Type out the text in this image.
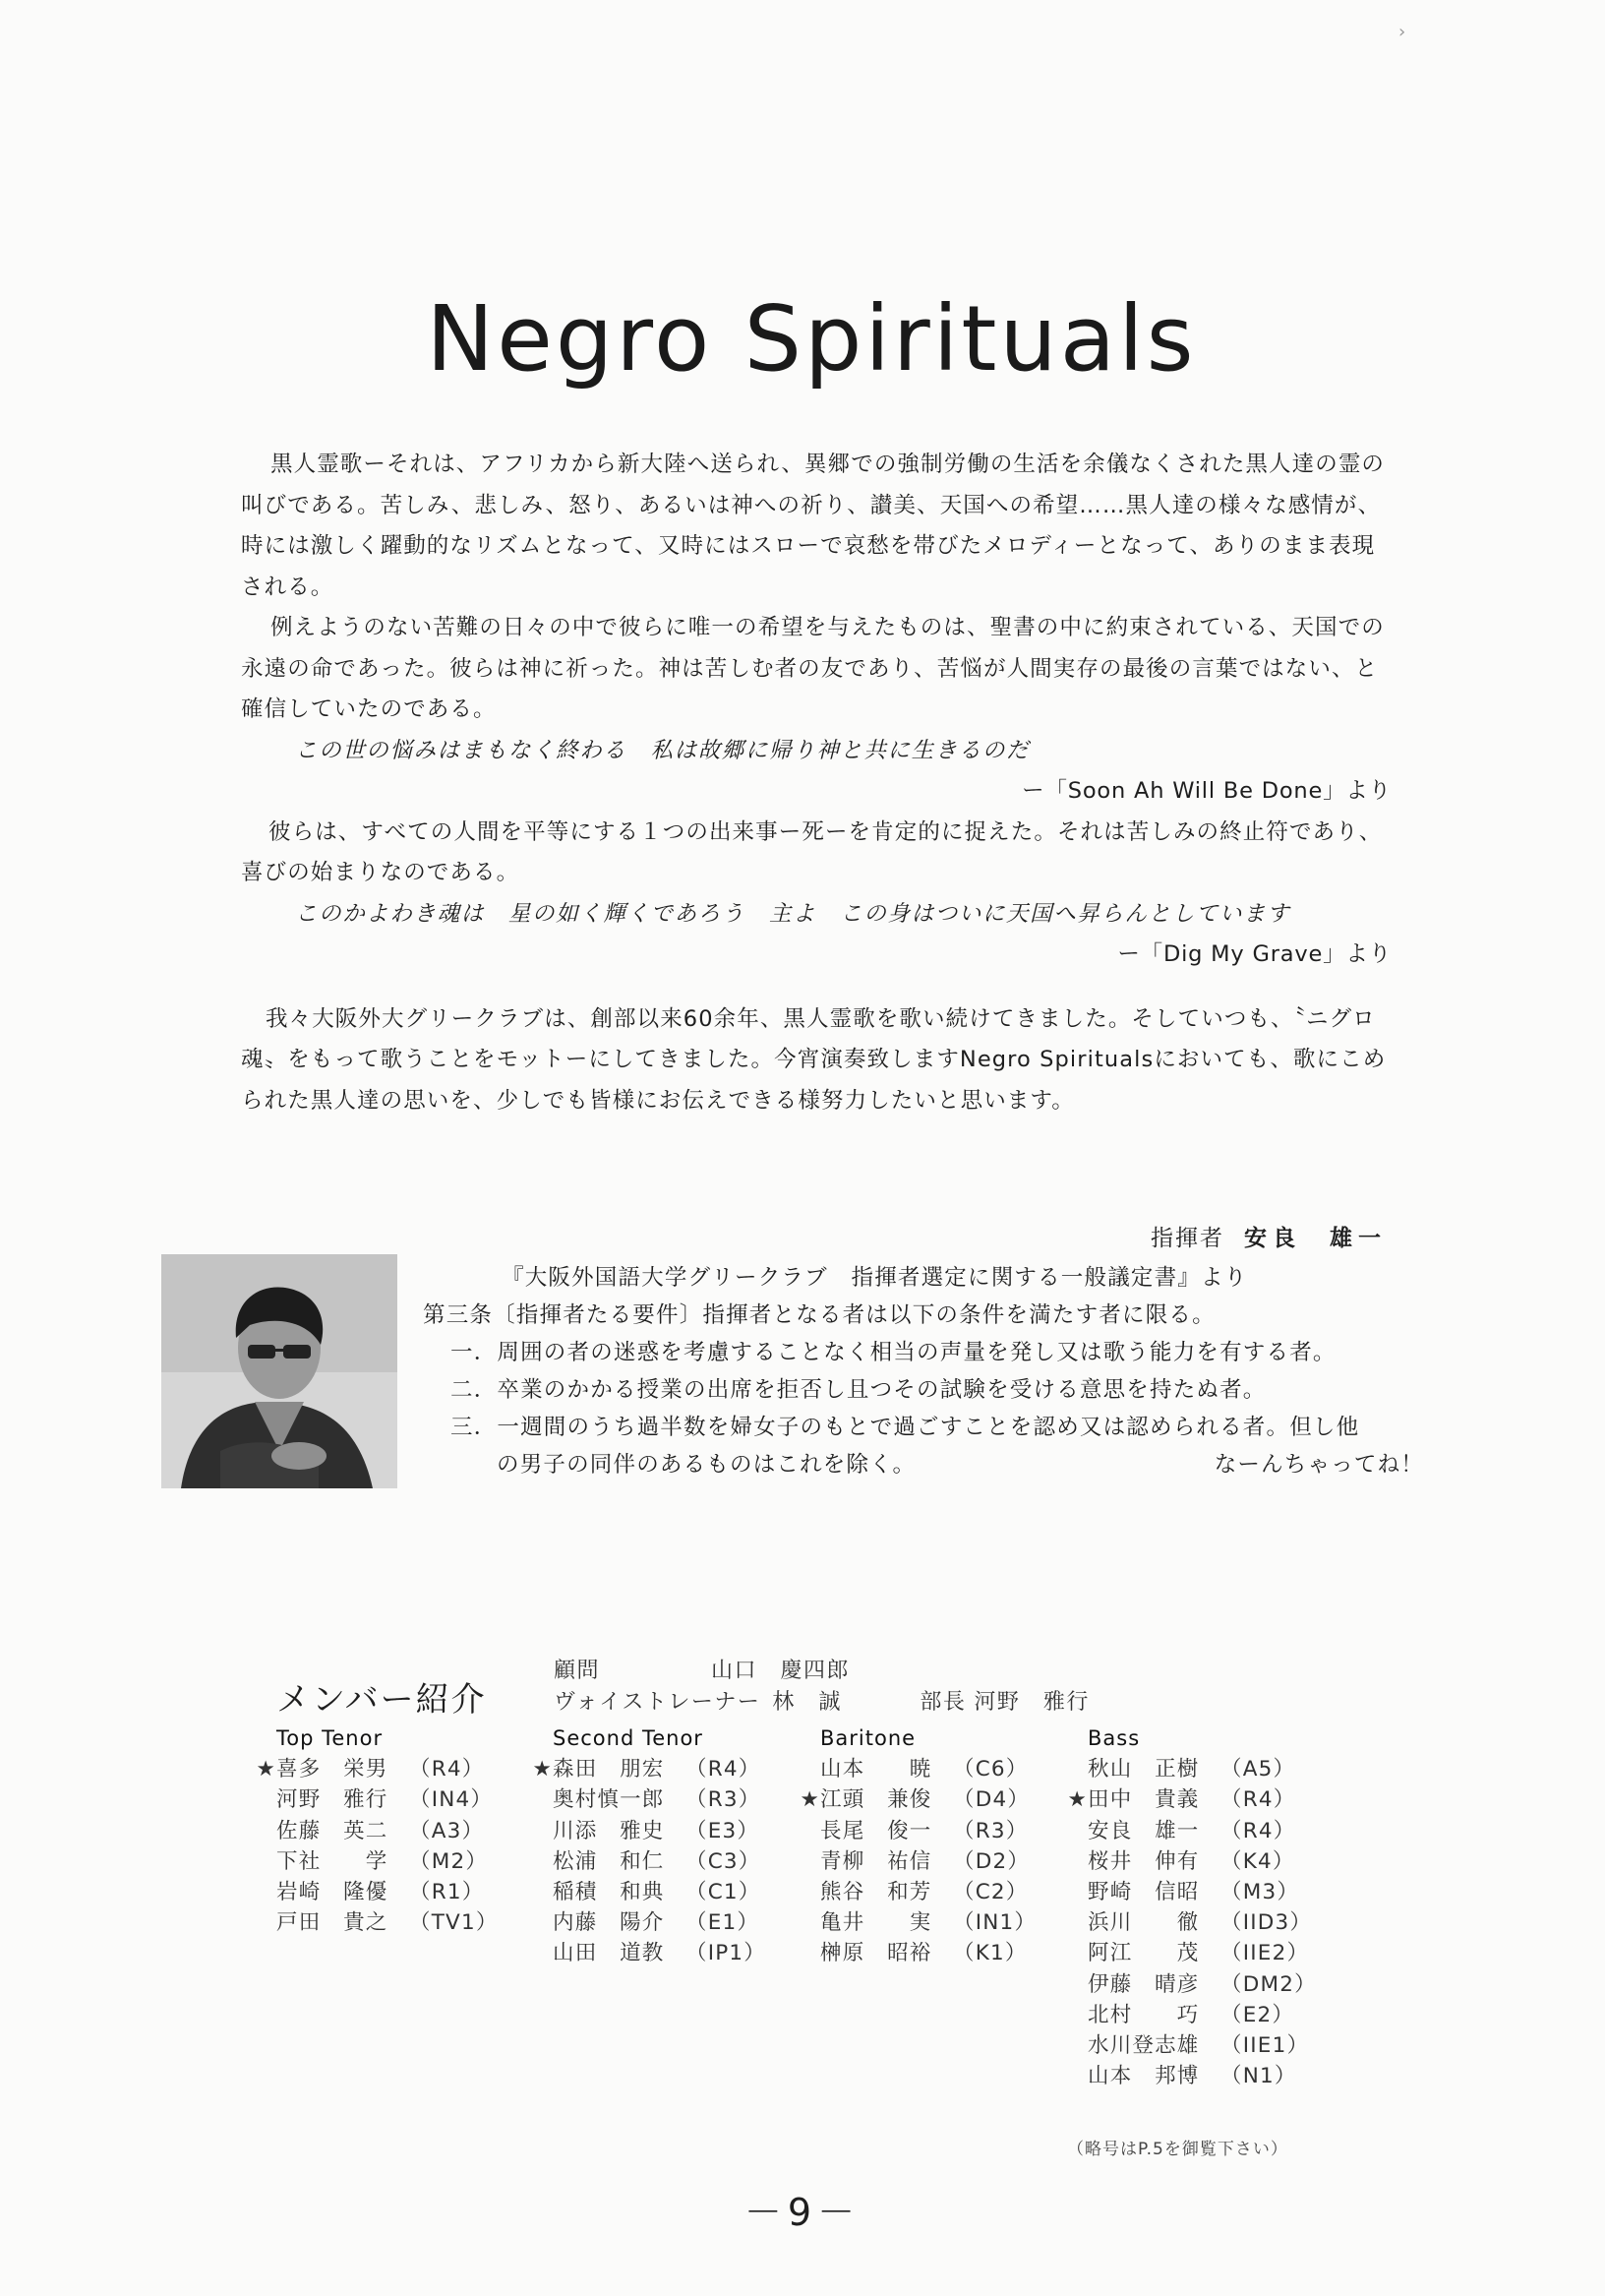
›
Negro Spirituals

黒人霊歌ーそれは、アフリカから新大陸へ送られ、異郷での強制労働の生活を余儀なくされた黒人達の霊の叫びである。苦しみ、悲しみ、怒り、あるいは神への祈り、讃美、天国への希望……黒人達の様々な感情が、時には激しく躍動的なリズムとなって、又時にはスローで哀愁を帯びたメロディーとなって、ありのまま表現される。

例えようのない苦難の日々の中で彼らに唯一の希望を与えたものは、聖書の中に約束されている、天国での永遠の命であった。彼らは神に祈った。神は苦しむ者の友であり、苦悩が人間実存の最後の言葉ではない、と確信していたのである。

この世の悩みはまもなく終わる　私は故郷に帰り神と共に生きるのだ

ー「Soon Ah Will Be Done」より

彼らは、すべての人間を平等にする１つの出来事ー死ーを肯定的に捉えた。それは苦しみの終止符であり、喜びの始まりなのである。

このかよわき魂は　星の如く輝くであろう　主よ　この身はついに天国へ昇らんとしています

ー「Dig My Grave」より

我々大阪外大グリークラブは、創部以来60余年、黒人霊歌を歌い続けてきました。そしていつも、〝ニグロ魂〟をもって歌うことをモットーにしてきました。今宵演奏致しますNegro Spiritualsにおいても、歌にこめられた黒人達の思いを、少しでも皆様にお伝えできる様努力したいと思います。

指揮者 安良　雄一

『大阪外国語大学グリークラブ　指揮者選定に関する一般議定書』より

第三条〔指揮者たる要件〕指揮者となる者は以下の条件を満たす者に限る。

一．周囲の者の迷惑を考慮することなく相当の声量を発し又は歌う能力を有する者。

二．卒業のかかる授業の出席を拒否し且つその試験を受ける意思を持たぬ者。

三．一週間のうち過半数を婦女子のもとで過ごすことを認め又は認められる者。但し他

の男子の同伴のあるものはこれを除く。	なーんちゃってね！

メンバー紹介
顧問	山口　慶四郎
ヴォイストレーナー 林　誠	部長 河野　雅行
Top Tenor
★喜多　栄男 （R4）
河野　雅行 （IN4）
佐藤　英二 （A3）
下社　　学 （M2）
岩崎　隆優 （R1）
戸田　貴之 （TV1）
Second Tenor
★森田　朋宏 （R4）
奥村慎一郎 （R3）
川添　雅史 （E3）
松浦　和仁 （C3）
稲積　和典 （C1）
内藤　陽介 （E1）
山田　道教 （IP1）
Baritone
山本　　暁 （C6）
★江頭　兼俊 （D4）
長尾　俊一 （R3）
青柳　祐信 （D2）
熊谷　和芳 （C2）
亀井　　実 （IN1）
榊原　昭裕 （K1）
Bass
秋山　正樹 （A5）
★田中　貴義 （R4）
安良　雄一 （R4）
桜井　伸有 （K4）
野崎　信昭 （M3）
浜川　　徹 （IID3）
阿江　　茂 （IIE2）
伊藤　晴彦 （DM2）
北村　　巧 （E2）
水川登志雄 （IIE1）
山本　邦博 （N1）
（略号はP.5を御覧下さい）
－9－
